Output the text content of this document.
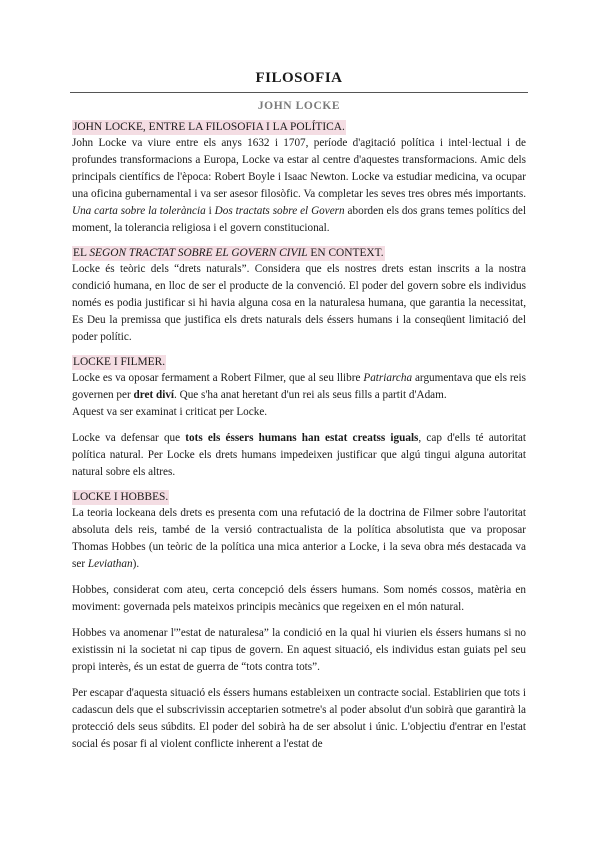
FILOSOFIA
JOHN LOCKE
JOHN LOCKE, ENTRE LA FILOSOFIA I LA POLÍTICA.

John Locke va viure entre els anys 1632 i 1707, període d'agitació política i intel·lectual i de profundes transformacions a Europa, Locke va estar al centre d'aquestes transformacions. Amic dels principals científics de l'època: Robert Boyle i Isaac Newton. Locke va estudiar medicina, va ocupar una oficina gubernamental i va ser asesor filosòfic. Va completar les seves tres obres més importants. Una carta sobre la tolerància i Dos tractats sobre el Govern aborden els dos grans temes polítics del moment, la tolerancia religiosa i el govern constitucional.

EL SEGON TRACTAT SOBRE EL GOVERN CIVIL EN CONTEXT.

Locke és teòric dels “drets naturals”. Considera que els nostres drets estan inscrits a la nostra condició humana, en lloc de ser el producte de la convenció. El poder del govern sobre els individus només es podia justificar si hi havia alguna cosa en la naturalesa humana, que garantia la necessitat, Es Deu la premissa que justifica els drets naturals dels éssers humans i la conseqüent limitació del poder polític.

LOCKE I FILMER.

Locke es va oposar fermament a Robert Filmer, que al seu llibre Patriarcha argumentava que els reis governen per dret diví. Que s'ha anat heretant d'un rei als seus fills a partit d'Adam.

Aquest va ser examinat i criticat per Locke.

Locke va defensar que tots els éssers humans han estat creatss iguals, cap d'ells té autoritat política natural. Per Locke els drets humans impedeixen justificar que algú tingui alguna autoritat natural sobre els altres.

LOCKE I HOBBES.

La teoria lockeana dels drets es presenta com una refutació de la doctrina de Filmer sobre l'autoritat absoluta dels reis, també de la versió contractualista de la política absolutista que va proposar Thomas Hobbes (un teòric de la política una mica anterior a Locke, i la seva obra més destacada va ser Leviathan).

Hobbes, considerat com ateu, certa concepció dels éssers humans. Som només cossos, matèria en moviment: governada pels mateixos principis mecànics que regeixen en el món natural.

Hobbes va anomenar l'”estat de naturalesa” la condició en la qual hi viurien els éssers humans si no existissin ni la societat ni cap tipus de govern. En aquest situació, els individus estan guiats pel seu propi interès, és un estat de guerra de “tots contra tots”.

Per escapar d'aquesta situació els éssers humans estableixen un contracte social. Establirien que tots i cadascun dels que el subscrivissin acceptarien sotmetre's al poder absolut d'un sobirà que garantirà la protecció dels seus súbdits. El poder del sobirà ha de ser absolut i únic. L'objectiu d'entrar en l'estat social és posar fi al violent conflicte inherent a l'estat de
